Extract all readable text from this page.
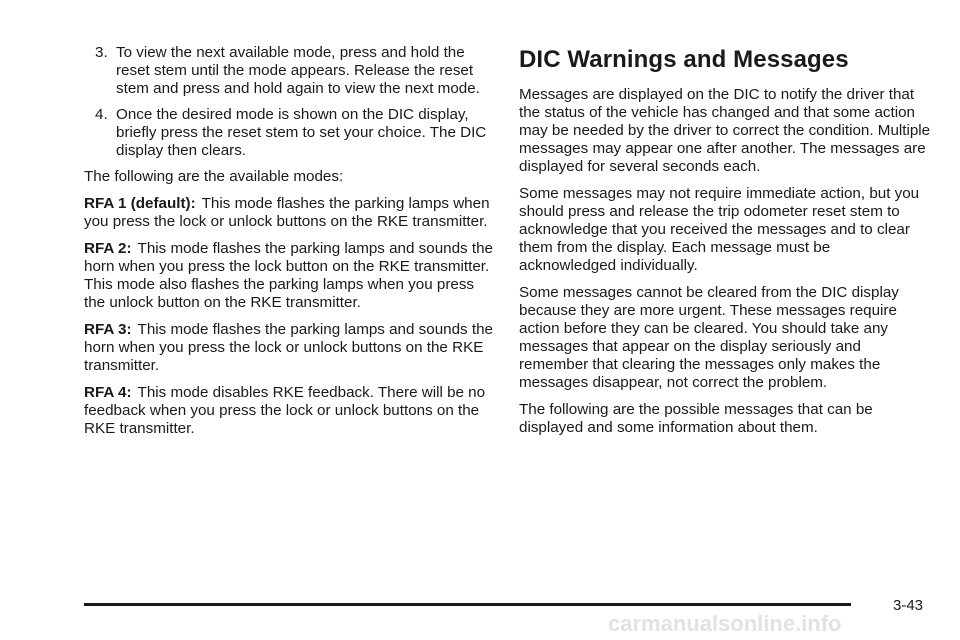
3. To view the next available mode, press and hold the reset stem until the mode appears. Release the reset stem and press and hold again to view the next mode.
4. Once the desired mode is shown on the DIC display, briefly press the reset stem to set your choice. The DIC display then clears.

The following are the available modes:

RFA 1 (default): This mode flashes the parking lamps when you press the lock or unlock buttons on the RKE transmitter.

RFA 2: This mode flashes the parking lamps and sounds the horn when you press the lock button on the RKE transmitter. This mode also flashes the parking lamps when you press the unlock button on the RKE transmitter.

RFA 3: This mode flashes the parking lamps and sounds the horn when you press the lock or unlock buttons on the RKE transmitter.

RFA 4: This mode disables RKE feedback. There will be no feedback when you press the lock or unlock buttons on the RKE transmitter.

DIC Warnings and Messages

Messages are displayed on the DIC to notify the driver that the status of the vehicle has changed and that some action may be needed by the driver to correct the condition. Multiple messages may appear one after another. The messages are displayed for several seconds each.

Some messages may not require immediate action, but you should press and release the trip odometer reset stem to acknowledge that you received the messages and to clear them from the display. Each message must be acknowledged individually.

Some messages cannot be cleared from the DIC display because they are more urgent. These messages require action before they can be cleared. You should take any messages that appear on the display seriously and remember that clearing the messages only makes the messages disappear, not correct the problem.

The following are the possible messages that can be displayed and some information about them.

3-43
carmanualsonline.info
